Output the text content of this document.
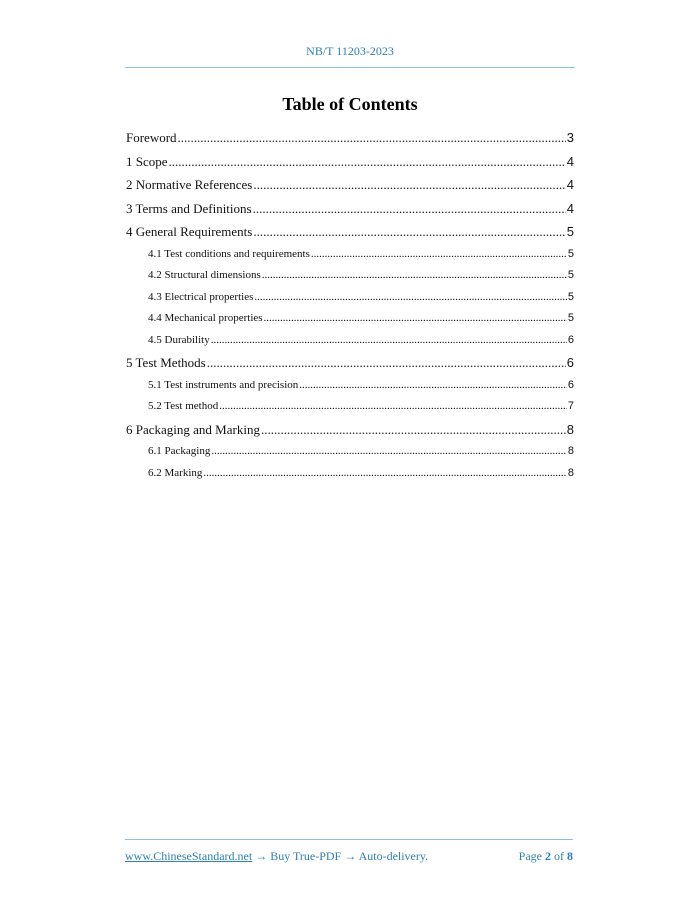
NB/T 11203-2023
Table of Contents
Foreword .....	3
1 Scope .....	4
2 Normative References .....	4
3 Terms and Definitions .....	4
4 General Requirements .....	5
4.1 Test conditions and requirements .....	5
4.2 Structural dimensions .....	5
4.3 Electrical properties .....	5
4.4 Mechanical properties .....	5
4.5 Durability .....	6
5 Test Methods .....	6
5.1 Test instruments and precision .....	6
5.2 Test method .....	7
6 Packaging and Marking .....	8
6.1 Packaging .....	8
6.2 Marking .....	8
www.ChineseStandard.net → Buy True-PDF → Auto-delivery.	Page 2 of 8
